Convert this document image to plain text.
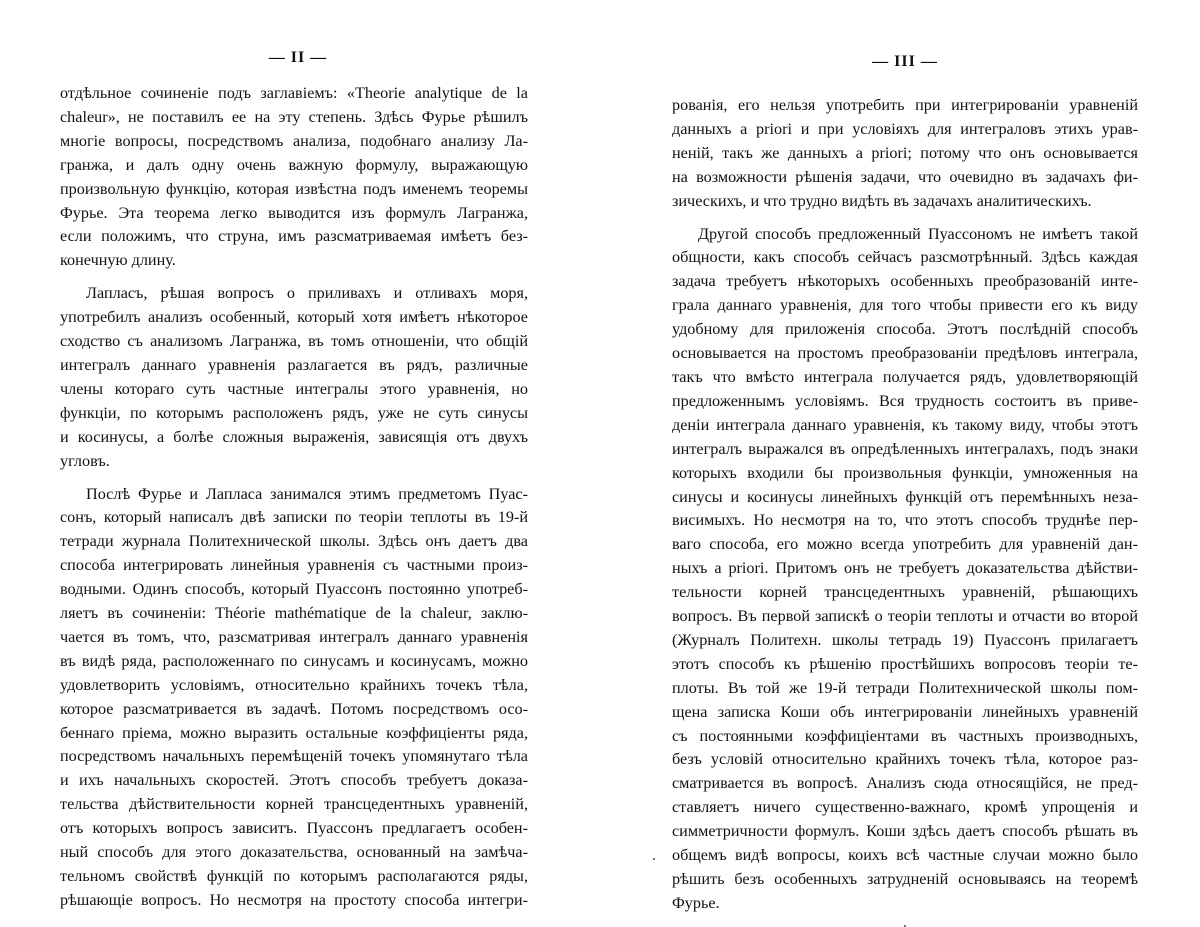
— II —
отдѣльное сочиненіе подъ заглавіемъ: «Theorie analytique de la
chaleur», не поставилъ ее на эту степень. Здѣсь Фурье рѣшилъ
многіе вопросы, посредствомъ анализа, подобнаго анализу Ла-
гранжа, и далъ одну очень важную формулу, выражающую
произвольную функцію, которая извѣстна подъ именемъ теоремы
Фурье. Эта теорема легко выводится изъ формулъ Лагранжа,
если положимъ, что струна, имъ разсматриваемая имѣетъ без-
конечную длину.
Лапласъ, рѣшая вопросъ о приливахъ и отливахъ моря,
употребилъ анализъ особенный, который хотя имѣетъ нѣкоторое
сходство съ анализомъ Лагранжа, въ томъ отношеніи, что общій
интегралъ даннаго уравненія разлагается въ рядъ, различные
члены котораго суть частные интегралы этого уравненія, но
функціи, по которымъ расположенъ рядъ, уже не суть синусы
и косинусы, а болѣе сложныя выраженія, зависящія отъ двухъ
угловъ.
Послѣ Фурье и Лапласа занимался этимъ предметомъ Пуас-
сонъ, который написалъ двѣ записки по теоріи теплоты въ 19-й
тетради журнала Политехнической школы. Здѣсь онъ даетъ два
способа интегрировать линейныя уравненія съ частными произ-
водными. Одинъ способъ, который Пуассонъ постоянно употреб-
ляетъ въ сочиненіи: Théorie mathématique de la chaleur, заклю-
чается въ томъ, что, разсматривая интегралъ даннаго уравненія
въ видѣ ряда, расположеннаго по синусамъ и косинусамъ, можно
удовлетворить условіямъ, относительно крайнихъ точекъ тѣла,
которое разсматривается въ задачѣ. Потомъ посредствомъ осо-
беннаго пріема, можно выразить остальные коэффиціенты ряда,
посредствомъ начальныхъ перемѣщеній точекъ упомянутаго тѣла
и ихъ начальныхъ скоростей. Этотъ способъ требуетъ доказа-
тельства дѣйствительности корней трансцедентныхъ уравненій,
отъ которыхъ вопросъ зависитъ. Пуассонъ предлагаетъ особен-
ный способъ для этого доказательства, основанный на замѣча-
тельномъ свойствѣ функцій по которымъ располагаются ряды,
рѣшающіе вопросъ. Но несмотря на простоту способа интегри-
— III —
рованія, его нельзя употребить при интегрированіи уравненій
данныхъ a priori и при условіяхъ для интеграловъ этихъ урав-
неній, такъ же данныхъ a priori; потому что онъ основывается
на возможности рѣшенія задачи, что очевидно въ задачахъ фи-
зическихъ, и что трудно видѣть въ задачахъ аналитическихъ.
Другой способъ предложенный Пуассономъ не имѣетъ такой
общности, какъ способъ сейчасъ разсмотрѣнный. Здѣсь каждая
задача требуетъ нѣкоторыхъ особенныхъ преобразованій инте-
грала даннаго уравненія, для того чтобы привести его къ виду
удобному для приложенія способа. Этотъ послѣдній способъ
основывается на простомъ преобразованіи предѣловъ интеграла,
такъ что вмѣсто интеграла получается рядъ, удовлетворяющій
предложеннымъ условіямъ. Вся трудность состоитъ въ приве-
деніи интеграла даннаго уравненія, къ такому виду, чтобы этотъ
интегралъ выражался въ опредѣленныхъ интегралахъ, подъ знаки
которыхъ входили бы произвольныя функціи, умноженныя на
синусы и косинусы линейныхъ функцій отъ перемѣнныхъ неза-
висимыхъ. Но несмотря на то, что этотъ способъ труднѣе пер-
ваго способа, его можно всегда употребить для уравненій дан-
ныхъ a priori. Притомъ онъ не требуетъ доказательства дѣйстви-
тельности корней трансцедентныхъ уравненій, рѣшающихъ
вопросъ. Въ первой запискѣ о теоріи теплоты и отчасти во второй
(Журналъ Политехн. школы тетрадь 19) Пуассонъ прилагаетъ
этотъ способъ къ рѣшенію простѣйшихъ вопросовъ теоріи те-
плоты. Въ той же 19-й тетради Политехнической школы пом-
щена записка Коши объ интегрированіи линейныхъ уравненій
съ постоянными коэффиціентами въ частныхъ производныхъ,
безъ условій относительно крайнихъ точекъ тѣла, которое раз-
сматривается въ вопросѣ. Анализъ сюда относящійся, не пред-
ставляетъ ничего существенно-важнаго, кромѣ упрощенія и
симметричности формулъ. Коши здѣсь даетъ способъ рѣшать въ
общемъ видѣ вопросы, коихъ всѣ частные случаи можно было
рѣшить безъ особенныхъ затрудненій основываясь на теоремѣ
Фурье.
